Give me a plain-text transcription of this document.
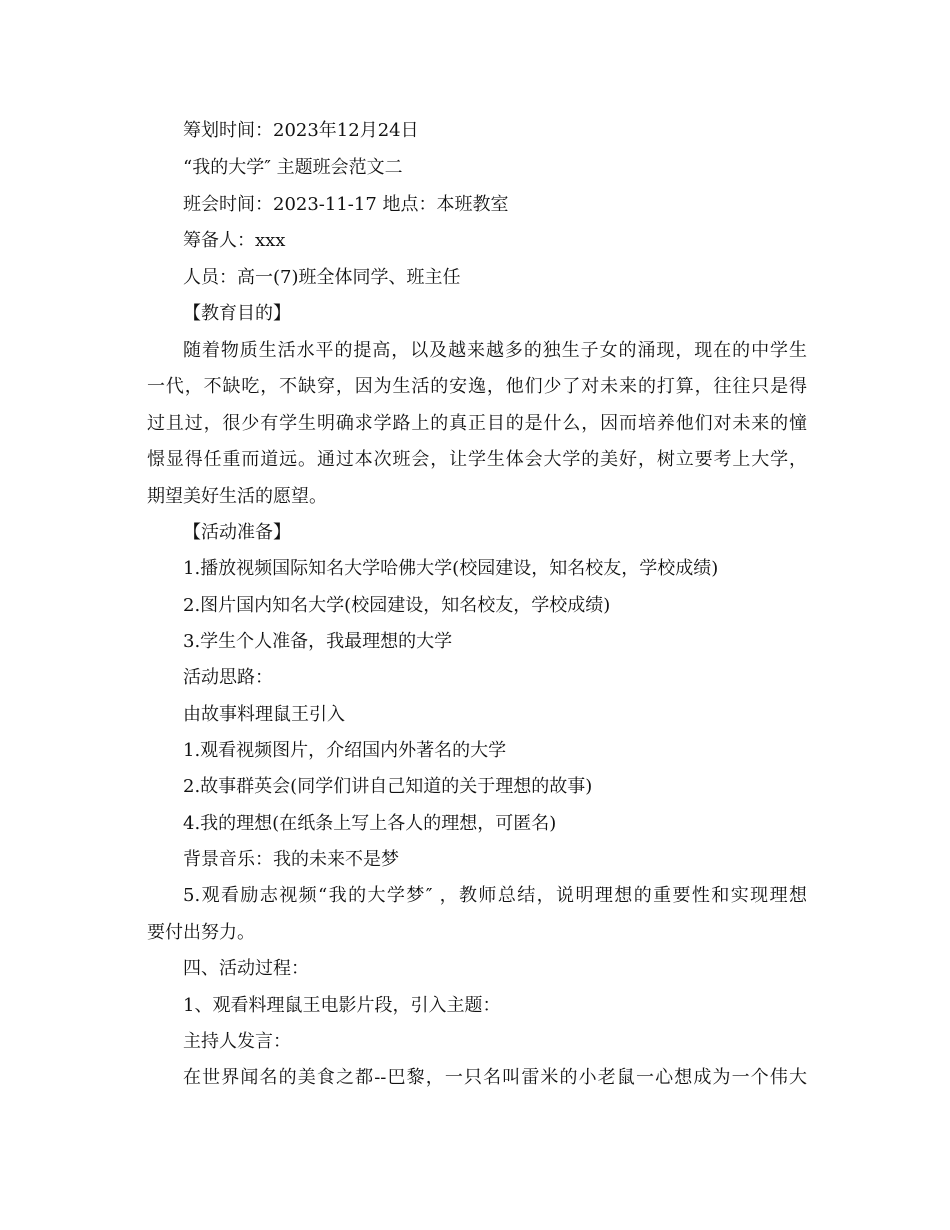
筹划时间：2023年12月24日
“我的大学″ 主题班会范文二
班会时间：2023-11-17 地点：本班教室
筹备人：xxx
人员：高一(7)班全体同学、班主任
【教育目的】
随着物质生活水平的提高，以及越来越多的独生子女的涌现，现在的中学生
一代，不缺吃，不缺穿，因为生活的安逸，他们少了对未来的打算，往往只是得
过且过，很少有学生明确求学路上的真正目的是什么，因而培养他们对未来的憧
憬显得任重而道远。通过本次班会，让学生体会大学的美好，树立要考上大学，
期望美好生活的愿望。
【活动准备】
1.播放视频国际知名大学哈佛大学(校园建设，知名校友，学校成绩)
2.图片国内知名大学(校园建设，知名校友，学校成绩)
3.学生个人准备，我最理想的大学
活动思路：
由故事料理鼠王引入
1.观看视频图片，介绍国内外著名的大学
2.故事群英会(同学们讲自己知道的关于理想的故事)
4.我的理想(在纸条上写上各人的理想，可匿名)
背景音乐：我的未来不是梦
5.观看励志视频“我的大学梦″ ，教师总结，说明理想的重要性和实现理想
要付出努力。
四、活动过程：
1、观看料理鼠王电影片段，引入主题：
主持人发言：
在世界闻名的美食之都--巴黎，一只名叫雷米的小老鼠一心想成为一个伟大
